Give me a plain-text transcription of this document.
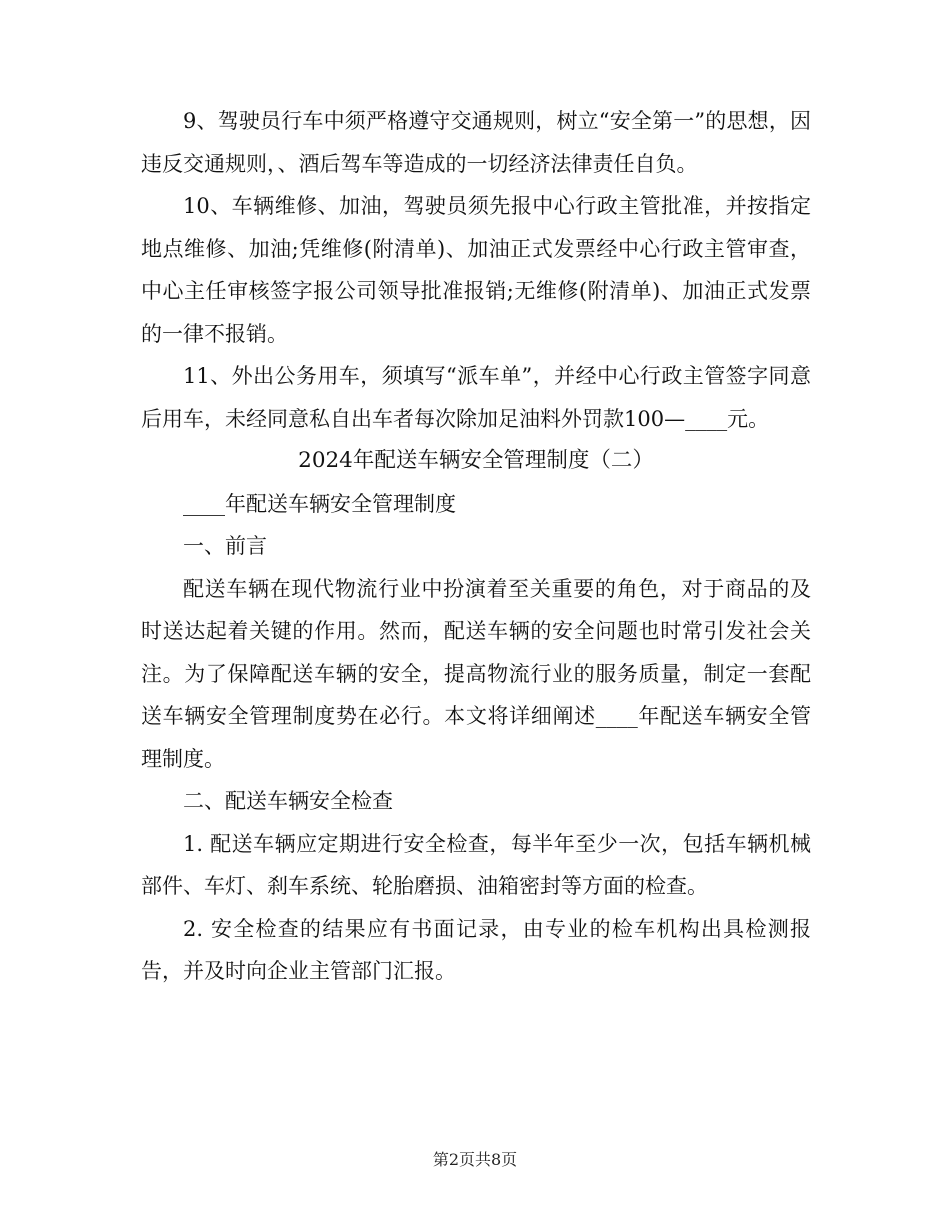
9、驾驶员行车中须严格遵守交通规则，树立“安全第一”的思想，因违反交通规则，、酒后驾车等造成的一切经济法律责任自负。

10、车辆维修、加油，驾驶员须先报中心行政主管批准，并按指定地点维修、加油;凭维修(附清单)、加油正式发票经中心行政主管审查，中心主任审核签字报公司领导批准报销;无维修(附清单)、加油正式发票的一律不报销。

11、外出公务用车，须填写“派车单”，并经中心行政主管签字同意后用车，未经同意私自出车者每次除加足油料外罚款100—____元。

2024年配送车辆安全管理制度（二）

____年配送车辆安全管理制度

一、前言

配送车辆在现代物流行业中扮演着至关重要的角色，对于商品的及时送达起着关键的作用。然而，配送车辆的安全问题也时常引发社会关注。为了保障配送车辆的安全，提高物流行业的服务质量，制定一套配送车辆安全管理制度势在必行。本文将详细阐述____年配送车辆安全管理制度。

二、配送车辆安全检查

1. 配送车辆应定期进行安全检查，每半年至少一次，包括车辆机械部件、车灯、刹车系统、轮胎磨损、油箱密封等方面的检查。

2. 安全检查的结果应有书面记录，由专业的检车机构出具检测报告，并及时向企业主管部门汇报。

第2页共8页
